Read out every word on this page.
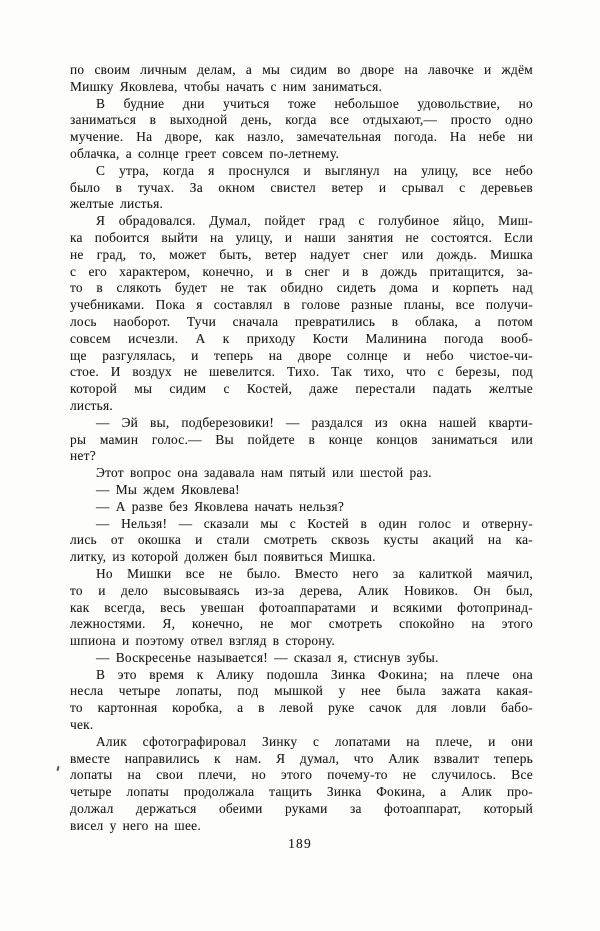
по своим личным делам, а мы сидим во дворе на лавочке и ждём
Мишку Яковлева, чтобы начать с ним заниматься.
В будние дни учиться тоже небольшое удовольствие, но
заниматься в выходной день, когда все отдыхают,— просто одно
мучение. На дворе, как назло, замечательная погода. На небе ни
облачка, а солнце греет совсем по-летнему.
С утра, когда я проснулся и выглянул на улицу, все небо
было в тучах. За окном свистел ветер и срывал с деревьев
желтые листья.
Я обрадовался. Думал, пойдет град с голубиное яйцо, Миш-
ка побоится выйти на улицу, и наши занятия не состоятся. Если
не град, то, может быть, ветер надует снег или дождь. Мишка
с его характером, конечно, и в снег и в дождь притащится, за-
то в слякоть будет не так обидно сидеть дома и корпеть над
учебниками. Пока я составлял в голове разные планы, все получи-
лось наоборот. Тучи сначала превратились в облака, а потом
совсем исчезли. А к приходу Кости Малинина погода вооб-
ще разгулялась, и теперь на дворе солнце и небо чистое-чи-
стое. И воздух не шевелится. Тихо. Так тихо, что с березы, под
которой мы сидим с Костей, даже перестали падать желтые
листья.
— Эй вы, подберезовики! — раздался из окна нашей кварти-
ры мамин голос.— Вы пойдете в конце концов заниматься или
нет?
Этот вопрос она задавала нам пятый или шестой раз.
— Мы ждем Яковлева!
— А разве без Яковлева начать нельзя?
— Нельзя! — сказали мы с Костей в один голос и отверну-
лись от окошка и стали смотреть сквозь кусты акаций на ка-
литку, из которой должен был появиться Мишка.
Но Мишки все не было. Вместо него за калиткой маячил,
то и дело высовываясь из-за дерева, Алик Новиков. Он был,
как всегда, весь увешан фотоаппаратами и всякими фотопринад-
лежностями. Я, конечно, не мог смотреть спокойно на этого
шпиона и поэтому отвел взгляд в сторону.
— Воскресенье называется! — сказал я, стиснув зубы.
В это время к Алику подошла Зинка Фокина; на плече она
несла четыре лопаты, под мышкой у нее была зажата какая-
то картонная коробка, а в левой руке сачок для ловли бабо-
чек.
Алик сфотографировал Зинку с лопатами на плече, и они
вместе направились к нам. Я думал, что Алик взвалит теперь
лопаты на свои плечи, но этого почему-то не случилось. Все
четыре лопаты продолжала тащить Зинка Фокина, а Алик про-
должал держаться обеими руками за фотоаппарат, который
висел у него на шее.
189
